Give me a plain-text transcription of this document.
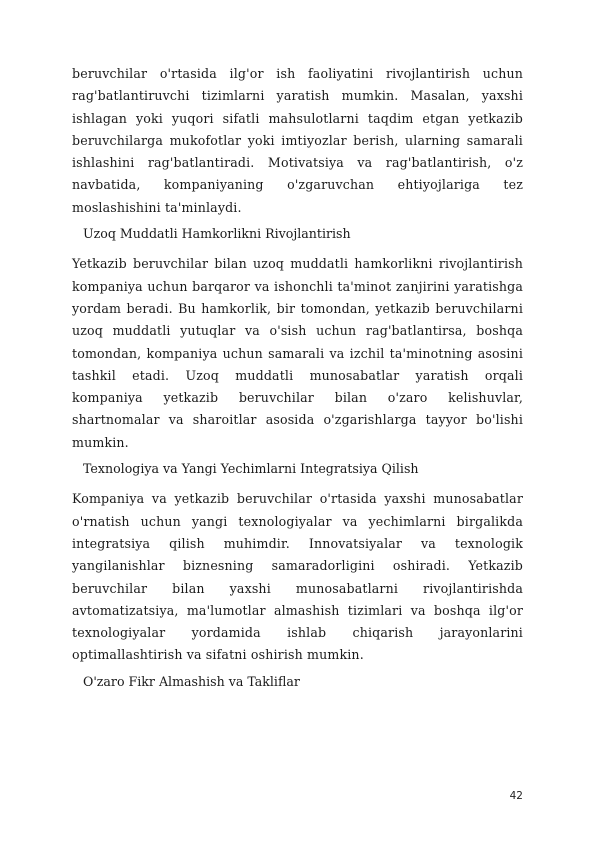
beruvchilar o'rtasida ilg'or ish faoliyatini rivojlantirish uchun rag'batlantiruvchi tizimlarni yaratish mumkin. Masalan, yaxshi ishlagan yoki yuqori sifatli mahsulotlarni taqdim etgan yetkazib beruvchilarga mukofotlar yoki imtiyozlar berish, ularning samarali ishlashini rag'batlantiradi. Motivatsiya va rag'batlantirish, o'z navbatida, kompaniyaning o'zgaruvchan ehtiyojlariga tez moslashishini ta'minlaydi.

Uzoq Muddatli Hamkorlikni Rivojlantirish

Yetkazib beruvchilar bilan uzoq muddatli hamkorlikni rivojlantirish kompaniya uchun barqaror va ishonchli ta'minot zanjirini yaratishga yordam beradi. Bu hamkorlik, bir tomondan, yetkazib beruvchilarni uzoq muddatli yutuqlar va o'sish uchun rag'batlantirsa, boshqa tomondan, kompaniya uchun samarali va izchil ta'minotning asosini tashkil etadi. Uzoq muddatli munosabatlar yaratish orqali kompaniya yetkazib beruvchilar bilan o'zaro kelishuvlar, shartnomalar va sharoitlar asosida o'zgarishlarga tayyor bo'lishi mumkin.

Texnologiya va Yangi Yechimlarni Integratsiya Qilish

Kompaniya va yetkazib beruvchilar o'rtasida yaxshi munosabatlar o'rnatish uchun yangi texnologiyalar va yechimlarni birgalikda integratsiya qilish muhimdir. Innovatsiyalar va texnologik yangilanishlar biznesning samaradorligini oshiradi. Yetkazib beruvchilar bilan yaxshi munosabatlarni rivojlantirishda avtomatizatsiya, ma'lumotlar almashish tizimlari va boshqa ilg'or texnologiyalar yordamida ishlab chiqarish jarayonlarini optimallashtirish va sifatni oshirish mumkin.

O'zaro Fikr Almashish va Takliflar
42
